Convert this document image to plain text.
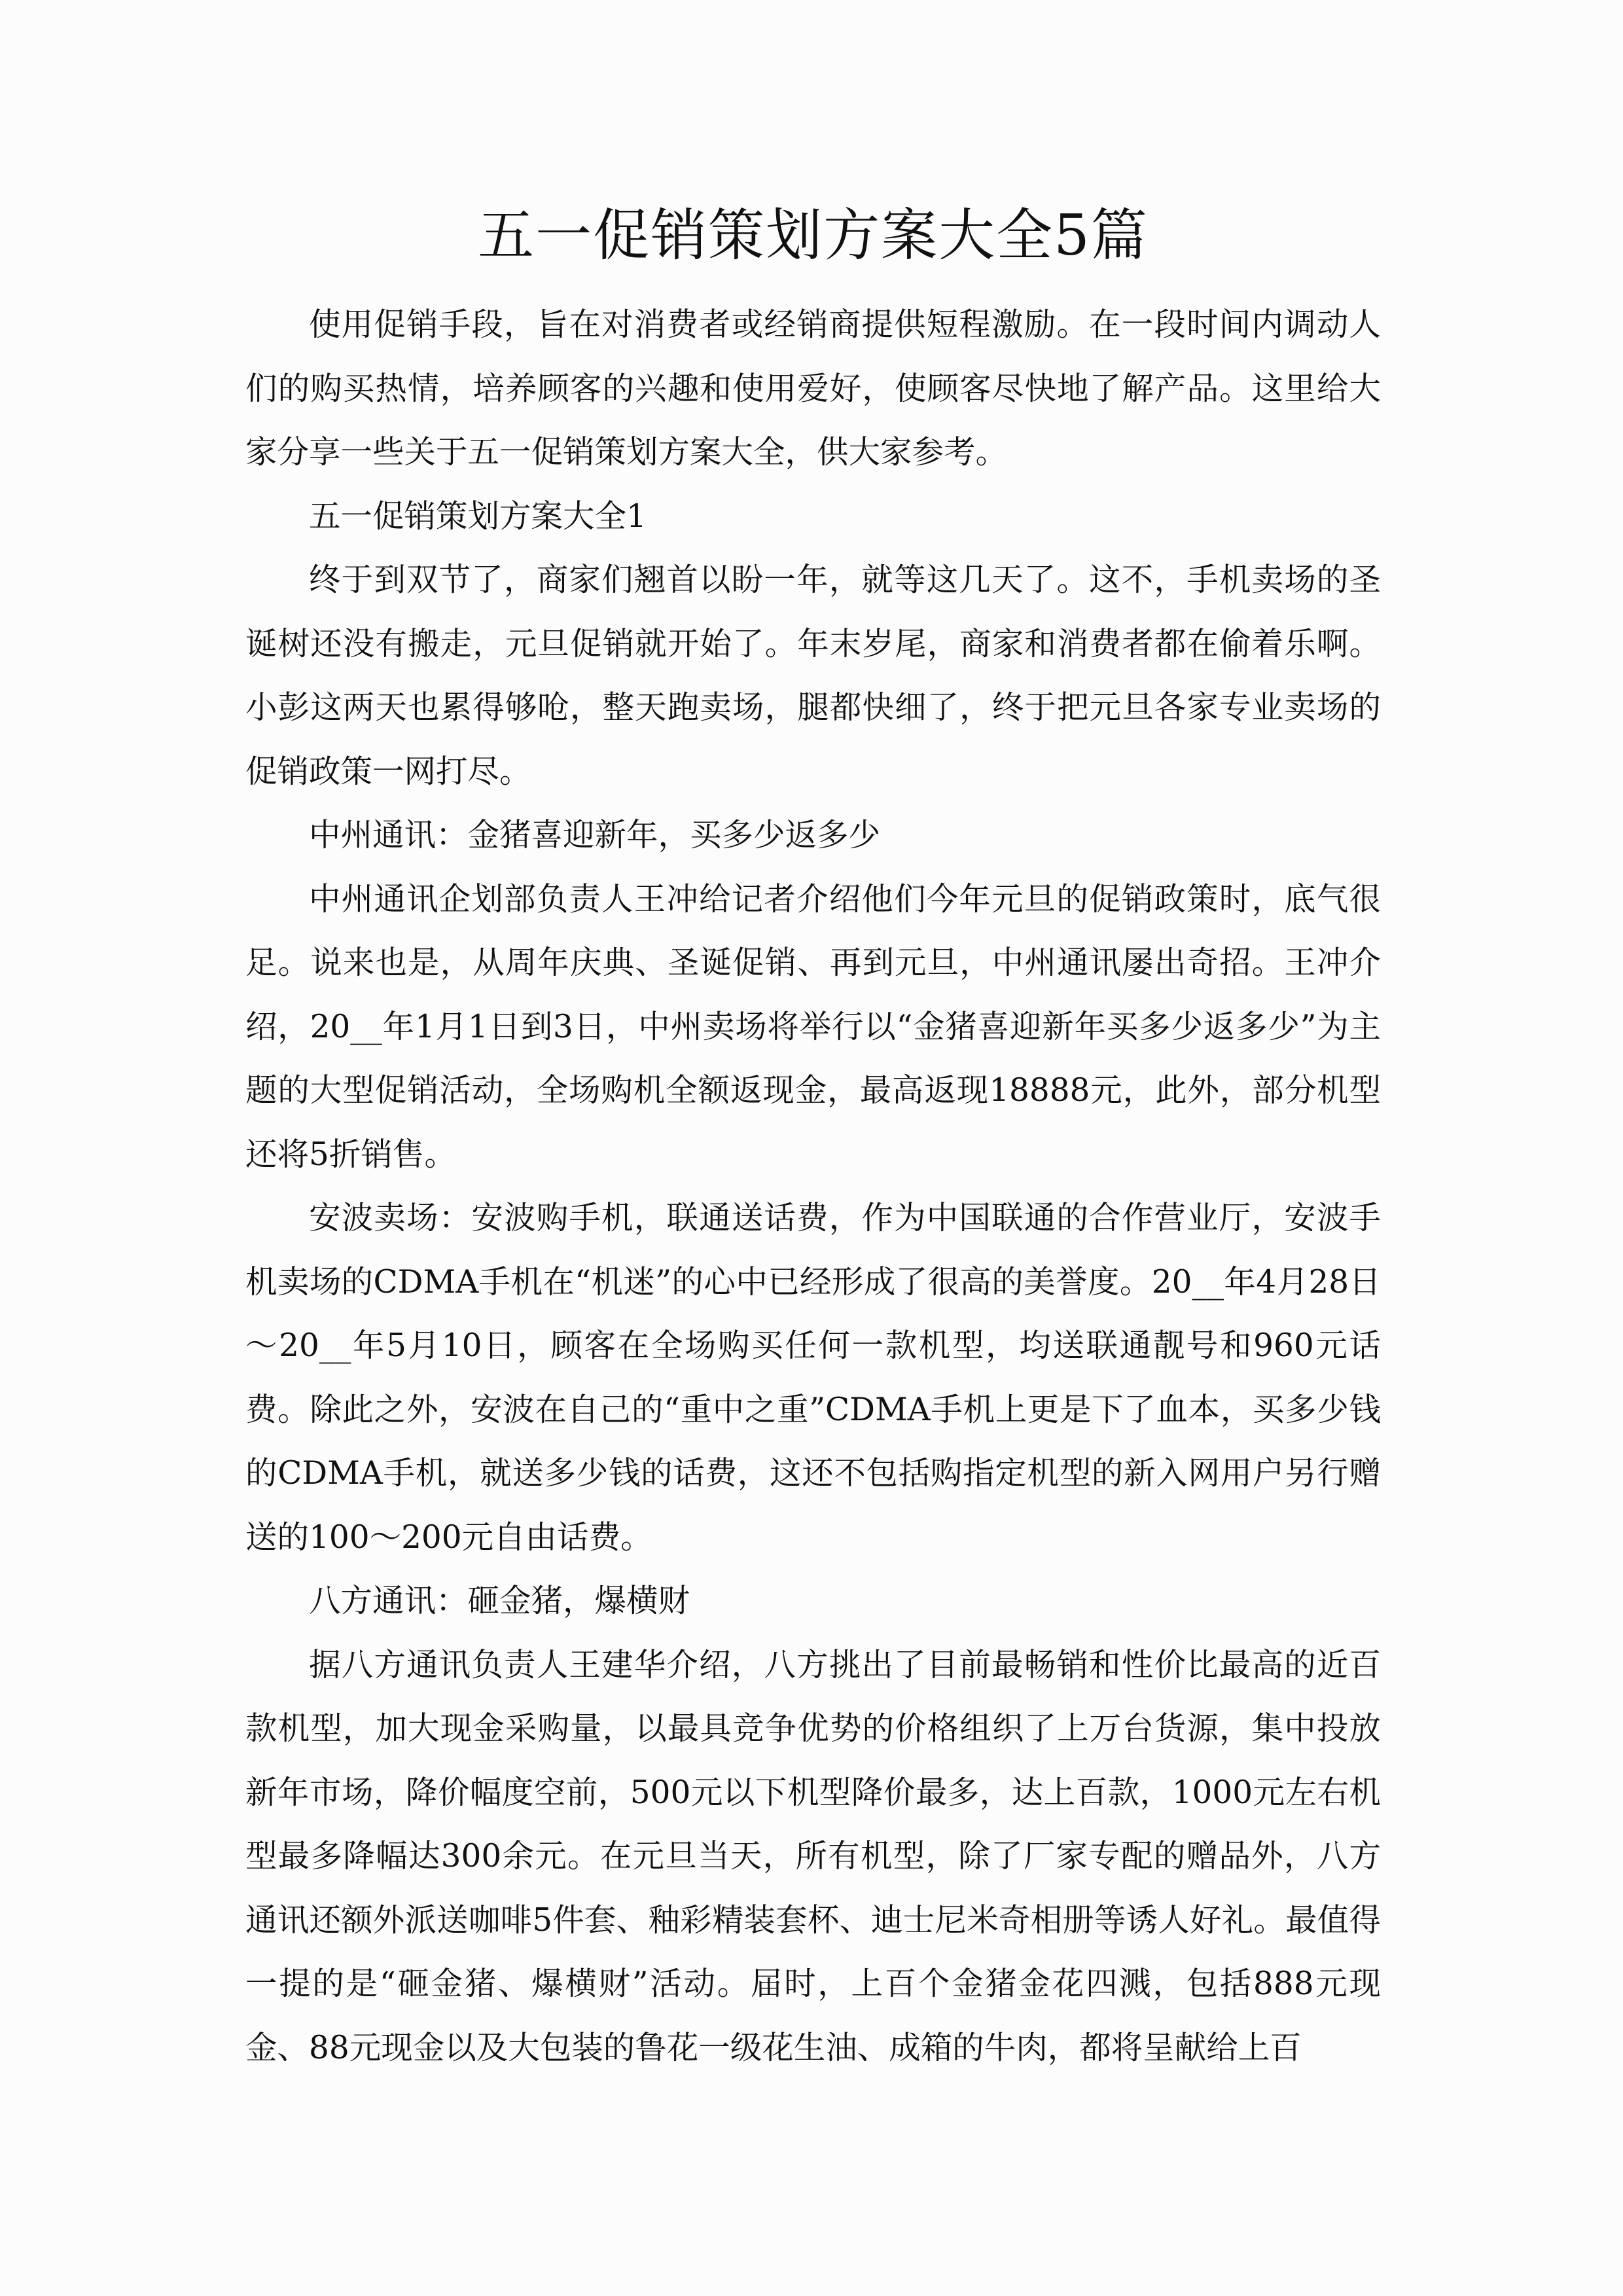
五一促销策划方案大全5篇

使用促销手段，旨在对消费者或经销商提供短程激励。在一段时间内调动人们的购买热情，培养顾客的兴趣和使用爱好，使顾客尽快地了解产品。这里给大家分享一些关于五一促销策划方案大全，供大家参考。

五一促销策划方案大全1

终于到双节了，商家们翘首以盼一年，就等这几天了。这不，手机卖场的圣诞树还没有搬走，元旦促销就开始了。年末岁尾，商家和消费者都在偷着乐啊。小彭这两天也累得够呛，整天跑卖场，腿都快细了，终于把元旦各家专业卖场的促销政策一网打尽。

中州通讯：金猪喜迎新年，买多少返多少

中州通讯企划部负责人王冲给记者介绍他们今年元旦的促销政策时，底气很足。说来也是，从周年庆典、圣诞促销、再到元旦，中州通讯屡出奇招。王冲介绍，20__年1月1日到3日，中州卖场将举行以“金猪喜迎新年买多少返多少”为主题的大型促销活动，全场购机全额返现金，最高返现18888元，此外，部分机型还将5折销售。

安波卖场：安波购手机，联通送话费，作为中国联通的合作营业厅，安波手机卖场的CDMA手机在“机迷”的心中已经形成了很高的美誉度。20__年4月28日～20__年5月10日，顾客在全场购买任何一款机型，均送联通靓号和960元话费。除此之外，安波在自己的“重中之重”CDMA手机上更是下了血本，买多少钱的CDMA手机，就送多少钱的话费，这还不包括购指定机型的新入网用户另行赠送的100～200元自由话费。

八方通讯：砸金猪，爆横财

据八方通讯负责人王建华介绍，八方挑出了目前最畅销和性价比最高的近百款机型，加大现金采购量，以最具竞争优势的价格组织了上万台货源，集中投放新年市场，降价幅度空前，500元以下机型降价最多，达上百款，1000元左右机型最多降幅达300余元。在元旦当天，所有机型，除了厂家专配的赠品外，八方通讯还额外派送咖啡5件套、釉彩精装套杯、迪士尼米奇相册等诱人好礼。最值得一提的是“砸金猪、爆横财”活动。届时，上百个金猪金花四溅，包括888元现金、88元现金以及大包装的鲁花一级花生油、成箱的牛肉，都将呈献给上百
